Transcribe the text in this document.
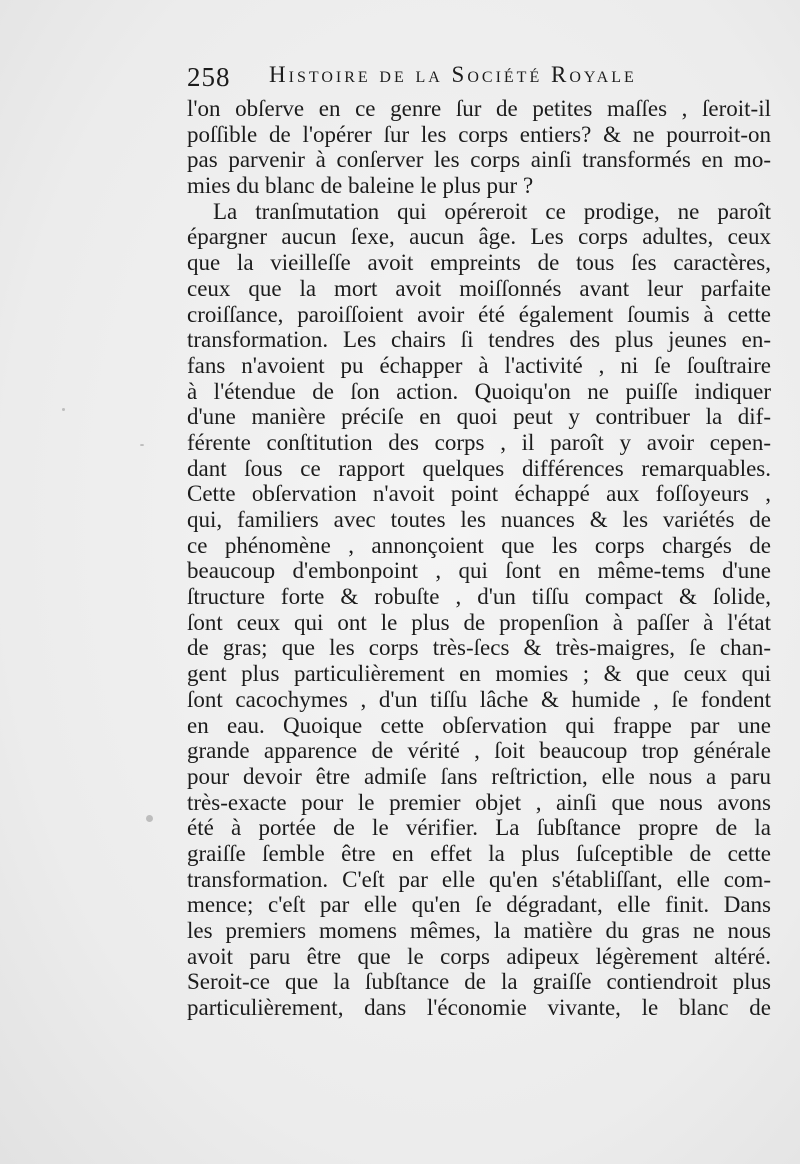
258 Histoire de la Société Royale
l'on obſerve en ce genre ſur de petites maſſes , ſeroit-il
poſſible de l'opérer ſur les corps entiers? & ne pourroit-on
pas parvenir à conſerver les corps ainſi transformés en mo-
mies du blanc de baleine le plus pur ?
La tranſmutation qui opéreroit ce prodige, ne paroît
épargner aucun ſexe, aucun âge. Les corps adultes, ceux
que la vieilleſſe avoit empreints de tous ſes caractères,
ceux que la mort avoit moiſſonnés avant leur parfaite
croiſſance, paroiſſoient avoir été également ſoumis à cette
transformation. Les chairs ſi tendres des plus jeunes en-
fans n'avoient pu échapper à l'activité , ni ſe ſouſtraire
à l'étendue de ſon action. Quoiqu'on ne puiſſe indiquer
d'une manière préciſe en quoi peut y contribuer la dif-
férente conſtitution des corps , il paroît y avoir cepen-
dant ſous ce rapport quelques différences remarquables.
Cette obſervation n'avoit point échappé aux foſſoyeurs ,
qui, familiers avec toutes les nuances & les variétés de
ce phénomène , annonçoient que les corps chargés de
beaucoup d'embonpoint , qui ſont en même-tems d'une
ſtructure forte & robuſte , d'un tiſſu compact & ſolide,
ſont ceux qui ont le plus de propenſion à paſſer à l'état
de gras; que les corps très-ſecs & très-maigres, ſe chan-
gent plus particulièrement en momies ; & que ceux qui
ſont cacochymes , d'un tiſſu lâche & humide , ſe fondent
en eau. Quoique cette obſervation qui frappe par une
grande apparence de vérité , ſoit beaucoup trop générale
pour devoir être admiſe ſans reſtriction, elle nous a paru
très-exacte pour le premier objet , ainſi que nous avons
été à portée de le vérifier. La ſubſtance propre de la
graiſſe ſemble être en effet la plus ſuſceptible de cette
transformation. C'eſt par elle qu'en s'établiſſant, elle com-
mence; c'eſt par elle qu'en ſe dégradant, elle finit. Dans
les premiers momens mêmes, la matière du gras ne nous
avoit paru être que le corps adipeux légèrement altéré.
Seroit-ce que la ſubſtance de la graiſſe contiendroit plus
particulièrement, dans l'économie vivante, le blanc de
